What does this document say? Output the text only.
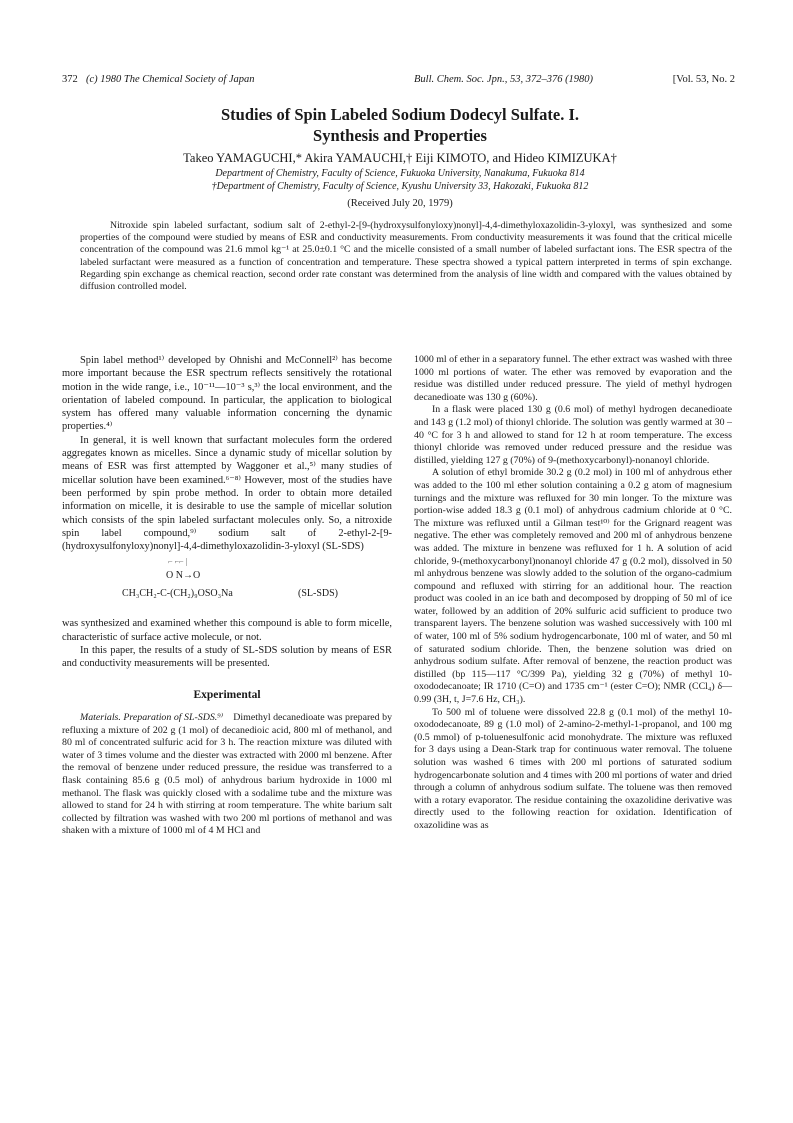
372 (c) 1980 The Chemical Society of Japan	Bull. Chem. Soc. Jpn., 53, 372–376 (1980)	[Vol. 53, No. 2
Studies of Spin Labeled Sodium Dodecyl Sulfate. I.
Synthesis and Properties
Takeo YAMAGUCHI,* Akira YAMAUCHI,† Eiji KIMOTO, and Hideo KIMIZUKA†
Department of Chemistry, Faculty of Science, Fukuoka University, Nanakuma, Fukuoka 814
†Department of Chemistry, Faculty of Science, Kyushu University 33, Hakozaki, Fukuoka 812
(Received July 20, 1979)
Nitroxide spin labeled surfactant, sodium salt of 2-ethyl-2-[9-(hydroxysulfonyloxy)nonyl]-4,4-dimethyloxazolidin-3-yloxyl, was synthesized and some properties of the compound were studied by means of ESR and conductivity measurements. From conductivity measurements it was found that the critical micelle concentration of the compound was 21.6 mmol kg⁻¹ at 25.0±0.1 °C and the micelle consisted of a small number of labeled surfactant ions. The ESR spectra of the labeled surfactant were measured as a function of concentration and temperature. These spectra showed a typical pattern interpreted in terms of spin exchange. Regarding spin exchange as chemical reaction, second order rate constant was determined from the analysis of line width and compared with the values obtained by diffusion controlled model.

Spin label method¹⁾ developed by Ohnishi and McConnell²⁾ has become more important because the ESR spectrum reflects sensitively the rotational motion in the wide range, i.e., 10⁻¹¹—10⁻³ s,³⁾ the local environment, and the orientation of labeled compound. In particular, the application to biological system has offered many valuable information concerning the dynamic properties.⁴⁾

In general, it is well known that surfactant molecules form the ordered aggregates known as micelles. Since a dynamic study of micellar solution by means of ESR was first attempted by Waggoner et al.,⁵⁾ many studies of micellar solution have been examined.⁶⁻⁸⁾ However, most of the studies have been performed by spin probe method. In order to obtain more detailed information on micelle, it is desirable to use the sample of micellar solution which consists of the spin labeled surfactant molecules only. So, a nitroxide spin label compound,⁹⁾ sodium salt of 2-ethyl-2-[9-(hydroxysulfonyloxy)nonyl]-4,4-dimethyloxazolidin-3-yloxyl (SL-SDS)

⌐ ⌐⌐ |
O N→O
CH₃CH₂-C-(CH₂)₉OSO₃Na	(SL-SDS)

was synthesized and examined whether this compound is able to form micelle, characteristic of surface active molecule, or not.

In this paper, the results of a study of SL-SDS solution by means of ESR and conductivity measurements will be presented.

Experimental

Materials. Preparation of SL-SDS.⁹⁾ Dimethyl decanedioate was prepared by refluxing a mixture of 202 g (1 mol) of decanedioic acid, 800 ml of methanol, and 80 ml of concentrated sulfuric acid for 3 h. The reaction mixture was diluted with water of 3 times volume and the diester was extracted with 2000 ml benzene. After the removal of benzene under reduced pressure, the residue was transferred to a flask containing 85.6 g (0.5 mol) of anhydrous barium hydroxide in 1000 ml methanol. The flask was quickly closed with a sodalime tube and the mixture was allowed to stand for 24 h with stirring at room temperature. The white barium salt collected by filtration was washed with two 200 ml portions of methanol and was shaken with a mixture of 1000 ml of 4 M HCl and

1000 ml of ether in a separatory funnel. The ether extract was washed with three 1000 ml portions of water. The ether was removed by evaporation and the residue was distilled under reduced pressure. The yield of methyl hydrogen decanedioate was 130 g (60%).

In a flask were placed 130 g (0.6 mol) of methyl hydrogen decanedioate and 143 g (1.2 mol) of thionyl chloride. The solution was gently warmed at 30 –40 °C for 3 h and allowed to stand for 12 h at room temperature. The excess thionyl chloride was removed under reduced pressure and the residue was distilled, yielding 127 g (70%) of 9-(methoxycarbonyl)-nonanoyl chloride.

A solution of ethyl bromide 30.2 g (0.2 mol) in 100 ml of anhydrous ether was added to the 100 ml ether solution containing a 0.2 g atom of magnesium turnings and the mixture was refluxed for 30 min longer. To the mixture was portion-wise added 18.3 g (0.1 mol) of anhydrous cadmium chloride at 0 °C. The mixture was refluxed until a Gilman test¹⁰⁾ for the Grignard reagent was negative. The ether was completely removed and 200 ml of anhydrous benzene was added. The mixture in benzene was refluxed for 1 h. A solution of acid chloride, 9-(methoxycarbonyl)nonanoyl chloride 47 g (0.2 mol), dissolved in 50 ml anhydrous benzene was slowly added to the solution of the organo-cadmium compound and refluxed with stirring for an additional hour. The reaction product was cooled in an ice bath and decomposed by dropping of 50 ml of ice water, followed by an addition of 20% sulfuric acid sufficient to produce two transparent layers. The benzene solution was washed successively with 100 ml of water, 100 ml of 5% sodium hydrogencarbonate, 100 ml of water, and 50 ml of saturated sodium chloride. Then, the benzene solution was dried on anhydrous sodium sulfate. After removal of benzene, the reaction product was distilled (bp 115—117 °C/399 Pa), yielding 32 g (70%) of methyl 10-oxododecanoate; IR 1710 (C=O) and 1735 cm⁻¹ (ester C=O); NMR (CCl₄) δ—0.99 (3H, t, J=7.6 Hz, CH₃).

To 500 ml of toluene were dissolved 22.8 g (0.1 mol) of the methyl 10-oxododecanoate, 89 g (1.0 mol) of 2-amino-2-methyl-1-propanol, and 100 mg (0.5 mmol) of p-toluenesulfonic acid monohydrate. The mixture was refluxed for 3 days using a Dean-Stark trap for continuous water removal. The toluene solution was washed 6 times with 200 ml portions of saturated sodium hydrogencarbonate solution and 4 times with 200 ml portions of water and dried through a column of anhydrous sodium sulfate. The toluene was then removed with a rotary evaporator. The residue containing the oxazolidine derivative was directly used to the following reaction for oxidation. Identification of oxazolidine was as
